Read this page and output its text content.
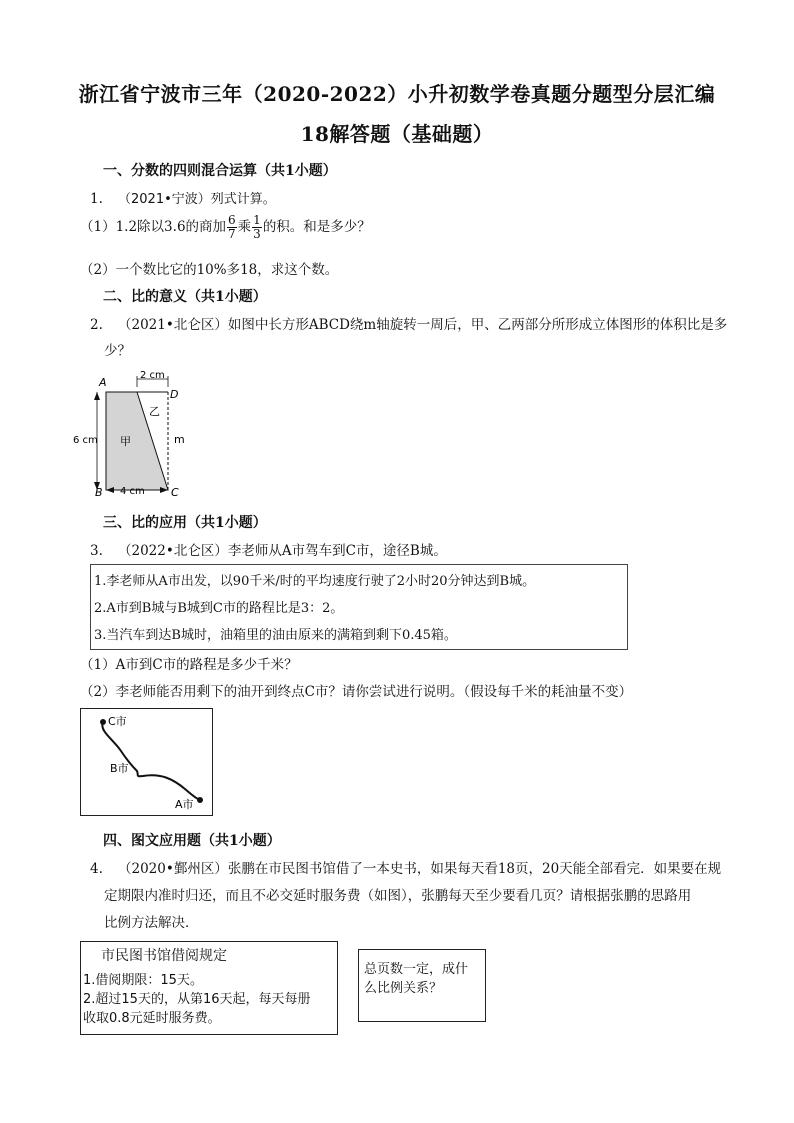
浙江省宁波市三年（2020-2022）小升初数学卷真题分题型分层汇编
18解答题（基础题）
一、分数的四则混合运算（共1小题）
1. （2021•宁波）列式计算。
（1）1.2除以3.6的商加 $\frac{6}{7}$ 乘 $\frac{1}{3}$ 的积。和是多少？
（2）一个数比它的10%多18，求这个数。
二、比的意义（共1小题）
2. （2021•北仑区）如图中长方形ABCD绕m轴旋转一周后，甲、乙两部分所形成立体图形的体积比是多
少？
A
D
B	C
2 cm
6 cm
4 cm
甲
乙
m
三、比的应用（共1小题）
3. （2022•北仑区）李老师从A市驾车到C市，途径B城。
1.李老师从A市出发，以90千米/时的平均速度行驶了2小时20分钟达到B城。
2.A市到B城与B城到C市的路程比是3：2。
3.当汽车到达B城时，油箱里的油由原来的满箱到剩下0.45箱。
（1）A市到C市的路程是多少千米？
（2）李老师能否用剩下的油开到终点C市？请你尝试进行说明。（假设每千米的耗油量不变）
C市
B市
A市
四、图文应用题（共1小题）
4. （2020•鄞州区）张鹏在市民图书馆借了一本史书，如果每天看18页，20天能全部看完．如果要在规
定期限内准时归还，而且不必交延时服务费（如图），张鹏每天至少要看几页？请根据张鹏的思路用
比例方法解决．
市民图书馆借阅规定
1.借阅期限：15天。
2.超过15天的，从第16天起，每天每册
收取0.8元延时服务费。
总页数一定，成什
么比例关系？
